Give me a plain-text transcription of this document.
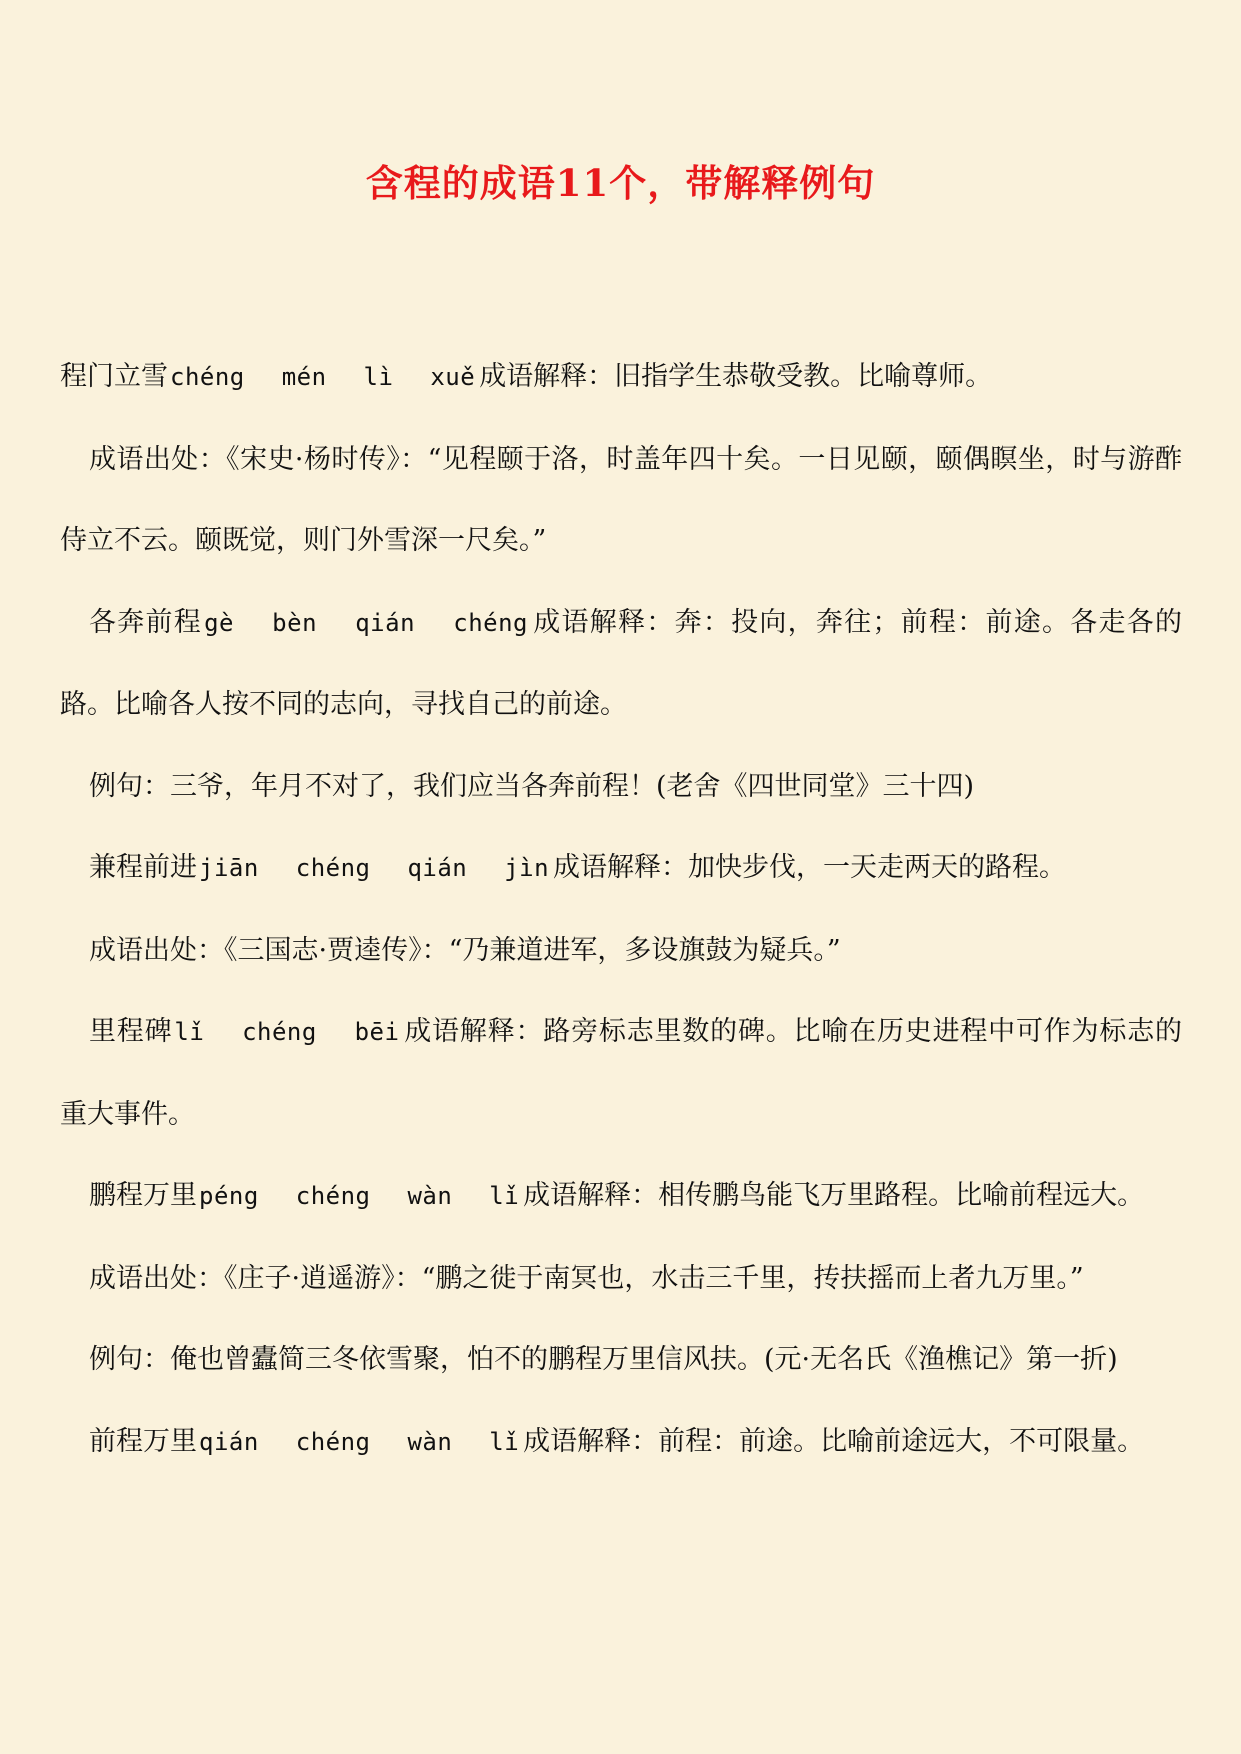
含程的成语11个，带解释例句

程门立雪chéng mén lì xuě 成语解释：旧指学生恭敬受教。比喻尊师。

成语出处：《宋史·杨时传》：“见程颐于洛，时盖年四十矣。一日见颐，颐偶瞑坐，时与游酢侍立不云。颐既觉，则门外雪深一尺矣。”

各奔前程gè bèn qián chéng 成语解释：奔：投向，奔往；前程：前途。各走各的路。比喻各人按不同的志向，寻找自己的前途。

例句：三爷，年月不对了，我们应当各奔前程！(老舍《四世同堂》三十四)

兼程前进jiān chéng qián jìn 成语解释：加快步伐，一天走两天的路程。

成语出处：《三国志·贾逵传》：“乃兼道进军，多设旗鼓为疑兵。”

里程碑lǐ chéng bēi 成语解释：路旁标志里数的碑。比喻在历史进程中可作为标志的重大事件。

鹏程万里péng chéng wàn lǐ 成语解释：相传鹏鸟能飞万里路程。比喻前程远大。

成语出处：《庄子·逍遥游》：“鹏之徙于南冥也，水击三千里，抟扶摇而上者九万里。”

例句：俺也曾蠹简三冬依雪聚，怕不的鹏程万里信风扶。(元·无名氏《渔樵记》第一折)

前程万里qián chéng wàn lǐ 成语解释：前程：前途。比喻前途远大，不可限量。
